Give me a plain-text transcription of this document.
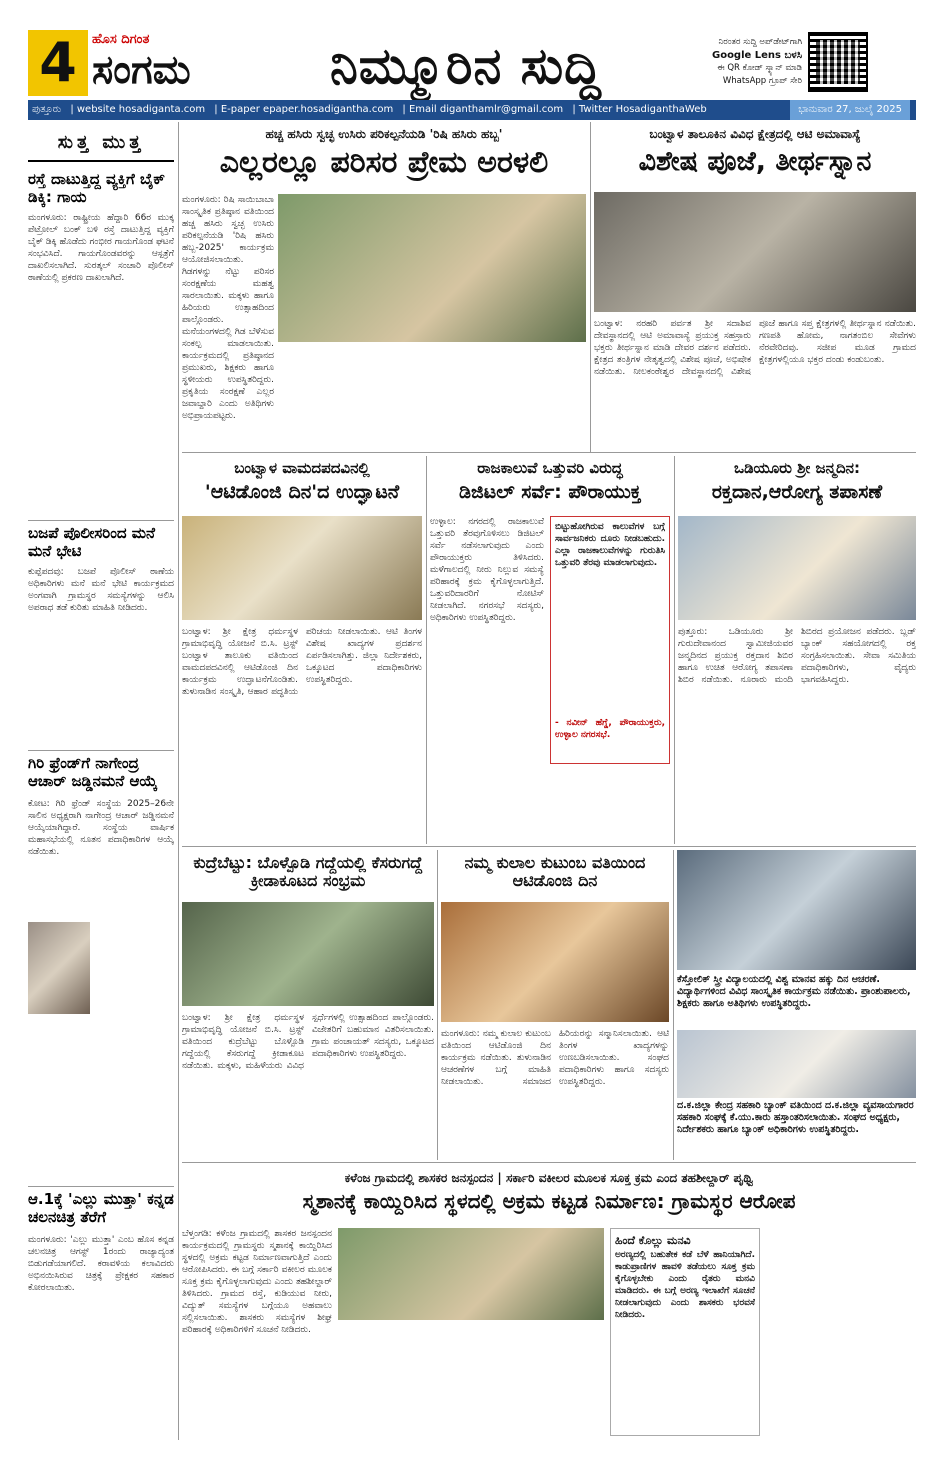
4	ಹೊಸ ದಿಗಂತ
ಸಂಗಮ	ನಿಮ್ಮೂರಿನ ಸುದ್ದಿ	ನಿರಂತರ ಸುದ್ದಿ ಅಪ್‌ಡೇಟ್‌ಗಾಗಿ
Google Lens ಬಳಸಿ
ಈ QR ಕೋಡ್ ಸ್ಕ್ಯಾನ್ ಮಾಡಿ
WhatsApp ಗ್ರೂಪ್ ಸೇರಿ
ಪುತ್ತೂರು | website hosadiganta.com | E-paper epaper.hosadigantha.com | Email diganthamlr@gmail.com | Twitter HosadiganthaWeb	ಭಾನುವಾರ 27, ಜುಲೈ 2025
ಸುತ್ತ ಮುತ್ತ
ರಸ್ತೆ ದಾಟುತ್ತಿದ್ದ ವ್ಯಕ್ತಿಗೆ ಬೈಕ್ ಡಿಕ್ಕಿ: ಗಾಯ
ಮಂಗಳೂರು: ರಾಷ್ಟ್ರೀಯ ಹೆದ್ದಾರಿ 66ರ ಮುಕ್ಕ ಪೆಟ್ರೋಲ್ ಬಂಕ್ ಬಳಿ ರಸ್ತೆ ದಾಟುತ್ತಿದ್ದ ವ್ಯಕ್ತಿಗೆ ಬೈಕ್ ಡಿಕ್ಕಿ ಹೊಡೆದು ಗಂಭೀರ ಗಾಯಗೊಂಡ ಘಟನೆ ಸಂಭವಿಸಿದೆ. ಗಾಯಗೊಂಡವರನ್ನು ಆಸ್ಪತ್ರೆಗೆ ದಾಖಲಿಸಲಾಗಿದೆ. ಸುರತ್ಕಲ್ ಸಂಚಾರಿ ಪೊಲೀಸ್ ಠಾಣೆಯಲ್ಲಿ ಪ್ರಕರಣ ದಾಖಲಾಗಿದೆ.
ಬಜಪೆ ಪೊಲೀಸರಿಂದ ಮನೆ ಮನೆ ಭೇಟಿ
ಕುಪ್ಪೆಪದವು: ಬಜಪೆ ಪೊಲೀಸ್ ಠಾಣೆಯ ಅಧಿಕಾರಿಗಳು ಮನೆ ಮನೆ ಭೇಟಿ ಕಾರ್ಯಕ್ರಮದ ಅಂಗವಾಗಿ ಗ್ರಾಮಸ್ಥರ ಸಮಸ್ಯೆಗಳನ್ನು ಆಲಿಸಿ ಅಪರಾಧ ತಡೆ ಕುರಿತು ಮಾಹಿತಿ ನೀಡಿದರು.
ಗಿರಿ ಫ್ರೆಂಡ್‌ಗೆ ನಾಗೇಂದ್ರ ಆಚಾರ್ ಜಡ್ಡಿನಮನೆ ಆಯ್ಕೆ
ಕೋಟ: ಗಿರಿ ಫ್ರೆಂಡ್ ಸಂಸ್ಥೆಯ 2025–26ನೇ ಸಾಲಿನ ಅಧ್ಯಕ್ಷರಾಗಿ ನಾಗೇಂದ್ರ ಆಚಾರ್ ಜಡ್ಡಿನಮನೆ ಆಯ್ಕೆಯಾಗಿದ್ದಾರೆ. ಸಂಸ್ಥೆಯ ವಾರ್ಷಿಕ ಮಹಾಸಭೆಯಲ್ಲಿ ನೂತನ ಪದಾಧಿಕಾರಿಗಳ ಆಯ್ಕೆ ನಡೆಯಿತು.
ಆ.1ಕ್ಕೆ 'ಎಲ್ಲು ಮುತ್ತಾ' ಕನ್ನಡ ಚಲನಚಿತ್ರ ತೆರೆಗೆ
ಮಂಗಳೂರು: 'ಎಲ್ಲು ಮುತ್ತಾ' ಎಂಬ ಹೊಸ ಕನ್ನಡ ಚಲನಚಿತ್ರ ಆಗಸ್ಟ್ 1ರಂದು ರಾಜ್ಯಾದ್ಯಂತ ಬಿಡುಗಡೆಯಾಗಲಿದೆ. ಕರಾವಳಿಯ ಕಲಾವಿದರು ಅಭಿನಯಿಸಿರುವ ಚಿತ್ರಕ್ಕೆ ಪ್ರೇಕ್ಷಕರ ಸಹಕಾರ ಕೋರಲಾಯಿತು.
ಹಚ್ಚ ಹಸಿರು ಸ್ವಚ್ಛ ಉಸಿರು ಪರಿಕಲ್ಪನೆಯಡಿ 'ರಿಷಿ ಹಸಿರು ಹಬ್ಬ'
ಎಲ್ಲರಲ್ಲೂ ಪರಿಸರ ಪ್ರೇಮ ಅರಳಲಿ
ಮಂಗಳೂರು: ರಿಷಿ ಸಾಯಿಬಾಬಾ ಸಾಂಸ್ಕೃತಿಕ ಪ್ರತಿಷ್ಠಾನ ವತಿಯಿಂದ ಹಚ್ಚ ಹಸಿರು ಸ್ವಚ್ಛ ಉಸಿರು ಪರಿಕಲ್ಪನೆಯಡಿ 'ರಿಷಿ ಹಸಿರು ಹಬ್ಬ-2025' ಕಾರ್ಯಕ್ರಮ ಆಯೋಜಿಸಲಾಯಿತು. ಗಿಡಗಳನ್ನು ನೆಟ್ಟು ಪರಿಸರ ಸಂರಕ್ಷಣೆಯ ಮಹತ್ವ ಸಾರಲಾಯಿತು. ಮಕ್ಕಳು ಹಾಗೂ ಹಿರಿಯರು ಉತ್ಸಾಹದಿಂದ ಪಾಲ್ಗೊಂಡರು. ಮನೆಯಂಗಳದಲ್ಲಿ ಗಿಡ ಬೆಳೆಸುವ ಸಂಕಲ್ಪ ಮಾಡಲಾಯಿತು. ಕಾರ್ಯಕ್ರಮದಲ್ಲಿ ಪ್ರತಿಷ್ಠಾನದ ಪ್ರಮುಖರು, ಶಿಕ್ಷಕರು ಹಾಗೂ ಸ್ಥಳೀಯರು ಉಪಸ್ಥಿತರಿದ್ದರು. ಪ್ರಕೃತಿಯ ಸಂರಕ್ಷಣೆ ಎಲ್ಲರ ಜವಾಬ್ದಾರಿ ಎಂದು ಅತಿಥಿಗಳು ಅಭಿಪ್ರಾಯಪಟ್ಟರು.
ಬಂಟ್ವಾಳ ತಾಲೂಕಿನ ವಿವಿಧ ಕ್ಷೇತ್ರದಲ್ಲಿ ಆಟಿ ಅಮಾವಾಸ್ಯೆ
ವಿಶೇಷ ಪೂಜೆ, ತೀರ್ಥಸ್ನಾನ
ಬಂಟ್ವಾಳ: ನರಹರಿ ಪರ್ವತ ಶ್ರೀ ಸದಾಶಿವ ದೇವಸ್ಥಾನದಲ್ಲಿ ಆಟಿ ಅಮಾವಾಸ್ಯೆ ಪ್ರಯುಕ್ತ ಸಹಸ್ರಾರು ಭಕ್ತರು ತೀರ್ಥಸ್ನಾನ ಮಾಡಿ ದೇವರ ದರ್ಶನ ಪಡೆದರು. ಕ್ಷೇತ್ರದ ತಂತ್ರಿಗಳ ನೇತೃತ್ವದಲ್ಲಿ ವಿಶೇಷ ಪೂಜೆ, ಅಭಿಷೇಕ ನಡೆಯಿತು. ನೀಲಕಂಠೇಶ್ವರ ದೇವಸ್ಥಾನದಲ್ಲಿ ವಿಶೇಷ ಪೂಜೆ ಹಾಗೂ ಸಪ್ತ ಕ್ಷೇತ್ರಗಳಲ್ಲಿ ತೀರ್ಥಸ್ನಾನ ನಡೆಯಿತು. ಗಣಪತಿ ಹೋಮ, ನಾಗತಂಬಿಲ ಸೇವೆಗಳು ನೆರವೇರಿದವು. ಸಜೀಪ ಮೂಡ ಗ್ರಾಮದ ಕ್ಷೇತ್ರಗಳಲ್ಲಿಯೂ ಭಕ್ತರ ದಂಡು ಕಂಡುಬಂತು.
ಬಂಟ್ವಾಳ ವಾಮದಪದವಿನಲ್ಲಿ
'ಆಟಿಡೊಂಜಿ ದಿನ'ದ ಉದ್ಘಾಟನೆ
ಬಂಟ್ವಾಳ: ಶ್ರೀ ಕ್ಷೇತ್ರ ಧರ್ಮಸ್ಥಳ ಗ್ರಾಮಾಭಿವೃದ್ಧಿ ಯೋಜನೆ ಬಿ.ಸಿ. ಟ್ರಸ್ಟ್ ಬಂಟ್ವಾಳ ತಾಲೂಕು ವತಿಯಿಂದ ವಾಮದಪದವಿನಲ್ಲಿ ಆಟಿಡೊಂಜಿ ದಿನ ಕಾರ್ಯಕ್ರಮ ಉದ್ಘಾಟನೆಗೊಂಡಿತು. ತುಳುನಾಡಿನ ಸಂಸ್ಕೃತಿ, ಆಹಾರ ಪದ್ಧತಿಯ ಪರಿಚಯ ನೀಡಲಾಯಿತು. ಆಟಿ ತಿಂಗಳ ವಿಶೇಷ ಖಾದ್ಯಗಳ ಪ್ರದರ್ಶನ ಏರ್ಪಡಿಸಲಾಗಿತ್ತು. ಜಿಲ್ಲಾ ನಿರ್ದೇಶಕರು, ಒಕ್ಕೂಟದ ಪದಾಧಿಕಾರಿಗಳು ಉಪಸ್ಥಿತರಿದ್ದರು.
ರಾಜಕಾಲುವೆ ಒತ್ತುವರಿ ವಿರುದ್ಧ
ಡಿಜಿಟಲ್ ಸರ್ವೆ: ಪೌರಾಯುಕ್ತ
ಉಳ್ಳಾಲ: ನಗರದಲ್ಲಿ ರಾಜಕಾಲುವೆ ಒತ್ತುವರಿ ತೆರವುಗೊಳಿಸಲು ಡಿಜಿಟಲ್ ಸರ್ವೆ ನಡೆಸಲಾಗುವುದು ಎಂದು ಪೌರಾಯುಕ್ತರು ತಿಳಿಸಿದರು. ಮಳೆಗಾಲದಲ್ಲಿ ನೀರು ನಿಲ್ಲುವ ಸಮಸ್ಯೆ ಪರಿಹಾರಕ್ಕೆ ಕ್ರಮ ಕೈಗೊಳ್ಳಲಾಗುತ್ತಿದೆ. ಒತ್ತುವರಿದಾರರಿಗೆ ನೋಟಿಸ್ ನೀಡಲಾಗಿದೆ. ನಗರಸಭೆ ಸದಸ್ಯರು, ಅಧಿಕಾರಿಗಳು ಉಪಸ್ಥಿತರಿದ್ದರು.
ಬಿಟ್ಟುಹೋಗಿರುವ ಕಾಲುವೆಗಳ ಬಗ್ಗೆ ಸಾರ್ವಜನಿಕರು ದೂರು ನೀಡಬಹುದು. ಎಲ್ಲಾ ರಾಜಕಾಲುವೆಗಳನ್ನು ಗುರುತಿಸಿ ಒತ್ತುವರಿ ತೆರವು ಮಾಡಲಾಗುವುದು.
- ನವೀನ್ ಹೆಗ್ಡೆ, ಪೌರಾಯುಕ್ತರು, ಉಳ್ಳಾಲ ನಗರಸಭೆ.
ಒಡಿಯೂರು ಶ್ರೀ ಜನ್ಮದಿನ:
ರಕ್ತದಾನ,ಆರೋಗ್ಯ ತಪಾಸಣೆ
ಪುತ್ತೂರು: ಒಡಿಯೂರು ಶ್ರೀ ಗುರುದೇವಾನಂದ ಸ್ವಾಮೀಜಿಯವರ ಜನ್ಮದಿನದ ಪ್ರಯುಕ್ತ ರಕ್ತದಾನ ಶಿಬಿರ ಹಾಗೂ ಉಚಿತ ಆರೋಗ್ಯ ತಪಾಸಣಾ ಶಿಬಿರ ನಡೆಯಿತು. ನೂರಾರು ಮಂದಿ ಶಿಬಿರದ ಪ್ರಯೋಜನ ಪಡೆದರು. ಬ್ಲಡ್ ಬ್ಯಾಂಕ್ ಸಹಯೋಗದಲ್ಲಿ ರಕ್ತ ಸಂಗ್ರಹಿಸಲಾಯಿತು. ಸೇವಾ ಸಮಿತಿಯ ಪದಾಧಿಕಾರಿಗಳು, ವೈದ್ಯರು ಭಾಗವಹಿಸಿದ್ದರು.
ಕುದ್ರೆಬೆಟ್ಟು: ಬೊಳ್ಪೊಡಿ ಗದ್ದೆಯಲ್ಲಿ ಕೆಸರುಗದ್ದೆ ಕ್ರೀಡಾಕೂಟದ ಸಂಭ್ರಮ
ಬಂಟ್ವಾಳ: ಶ್ರೀ ಕ್ಷೇತ್ರ ಧರ್ಮಸ್ಥಳ ಗ್ರಾಮಾಭಿವೃದ್ಧಿ ಯೋಜನೆ ಬಿ.ಸಿ. ಟ್ರಸ್ಟ್ ವತಿಯಿಂದ ಕುದ್ರೆಬೆಟ್ಟು ಬೊಳ್ಪೊಡಿ ಗದ್ದೆಯಲ್ಲಿ ಕೆಸರುಗದ್ದೆ ಕ್ರೀಡಾಕೂಟ ನಡೆಯಿತು. ಮಕ್ಕಳು, ಮಹಿಳೆಯರು ವಿವಿಧ ಸ್ಪರ್ಧೆಗಳಲ್ಲಿ ಉತ್ಸಾಹದಿಂದ ಪಾಲ್ಗೊಂಡರು. ವಿಜೇತರಿಗೆ ಬಹುಮಾನ ವಿತರಿಸಲಾಯಿತು. ಗ್ರಾಮ ಪಂಚಾಯತ್ ಸದಸ್ಯರು, ಒಕ್ಕೂಟದ ಪದಾಧಿಕಾರಿಗಳು ಉಪಸ್ಥಿತರಿದ್ದರು.
ನಮ್ಮ ಕುಲಾಲ ಕುಟುಂಬ ವತಿಯಿಂದ ಆಟಿಡೊಂಜಿ ದಿನ
ಮಂಗಳೂರು: ನಮ್ಮ ಕುಲಾಲ ಕುಟುಂಬ ವತಿಯಿಂದ ಆಟಿಡೊಂಜಿ ದಿನ ಕಾರ್ಯಕ್ರಮ ನಡೆಯಿತು. ತುಳುನಾಡಿನ ಆಚರಣೆಗಳ ಬಗ್ಗೆ ಮಾಹಿತಿ ನೀಡಲಾಯಿತು. ಸಮಾಜದ ಹಿರಿಯರನ್ನು ಸನ್ಮಾನಿಸಲಾಯಿತು. ಆಟಿ ತಿಂಗಳ ಖಾದ್ಯಗಳನ್ನು ಉಣಬಡಿಸಲಾಯಿತು. ಸಂಘದ ಪದಾಧಿಕಾರಿಗಳು ಹಾಗೂ ಸದಸ್ಯರು ಉಪಸ್ಥಿತರಿದ್ದರು.
ಕೆಸ್ತೋಲಿಕ್ ಸ್ತ್ರೀ ವಿದ್ಯಾಲಯದಲ್ಲಿ ವಿಶ್ವ ಮಾನವ ಹಕ್ಕು ದಿನ ಆಚರಣೆ. ವಿದ್ಯಾರ್ಥಿಗಳಿಂದ ವಿವಿಧ ಸಾಂಸ್ಕೃತಿಕ ಕಾರ್ಯಕ್ರಮ ನಡೆಯಿತು. ಪ್ರಾಂಶುಪಾಲರು, ಶಿಕ್ಷಕರು ಹಾಗೂ ಅತಿಥಿಗಳು ಉಪಸ್ಥಿತರಿದ್ದರು.
ದ.ಕ.ಜಿಲ್ಲಾ ಕೇಂದ್ರ ಸಹಕಾರಿ ಬ್ಯಾಂಕ್ ವತಿಯಿಂದ ದ.ಕ.ಜಿಲ್ಲಾ ವ್ಯವಸಾಯಗಾರರ ಸಹಕಾರಿ ಸಂಘಕ್ಕೆ ಕೆ.ಯು.ಕಾರು ಹಸ್ತಾಂತರಿಸಲಾಯಿತು. ಸಂಘದ ಅಧ್ಯಕ್ಷರು, ನಿರ್ದೇಶಕರು ಹಾಗೂ ಬ್ಯಾಂಕ್ ಅಧಿಕಾರಿಗಳು ಉಪಸ್ಥಿತರಿದ್ದರು.
ಕಳೆಂಜ ಗ್ರಾಮದಲ್ಲಿ ಶಾಸಕರ ಜನಸ್ಪಂದನ | ಸರ್ಕಾರಿ ವಕೀಲರ ಮೂಲಕ ಸೂಕ್ತ ಕ್ರಮ ಎಂದ ತಹಶೀಲ್ದಾರ್ ಪೃಥ್ವಿ
ಸ್ಮಶಾನಕ್ಕೆ ಕಾಯ್ದಿರಿಸಿದ ಸ್ಥಳದಲ್ಲಿ ಅಕ್ರಮ ಕಟ್ಟಡ ನಿರ್ಮಾಣ: ಗ್ರಾಮಸ್ಥರ ಆರೋಪ
ಬೆಳ್ತಂಗಡಿ: ಕಳೆಂಜ ಗ್ರಾಮದಲ್ಲಿ ಶಾಸಕರ ಜನಸ್ಪಂದನ ಕಾರ್ಯಕ್ರಮದಲ್ಲಿ ಗ್ರಾಮಸ್ಥರು ಸ್ಮಶಾನಕ್ಕೆ ಕಾಯ್ದಿರಿಸಿದ ಸ್ಥಳದಲ್ಲಿ ಅಕ್ರಮ ಕಟ್ಟಡ ನಿರ್ಮಾಣವಾಗುತ್ತಿದೆ ಎಂದು ಆರೋಪಿಸಿದರು. ಈ ಬಗ್ಗೆ ಸರ್ಕಾರಿ ವಕೀಲರ ಮೂಲಕ ಸೂಕ್ತ ಕ್ರಮ ಕೈಗೊಳ್ಳಲಾಗುವುದು ಎಂದು ತಹಶೀಲ್ದಾರ್ ತಿಳಿಸಿದರು. ಗ್ರಾಮದ ರಸ್ತೆ, ಕುಡಿಯುವ ನೀರು, ವಿದ್ಯುತ್ ಸಮಸ್ಯೆಗಳ ಬಗ್ಗೆಯೂ ಅಹವಾಲು ಸಲ್ಲಿಸಲಾಯಿತು. ಶಾಸಕರು ಸಮಸ್ಯೆಗಳ ಶೀಘ್ರ ಪರಿಹಾರಕ್ಕೆ ಅಧಿಕಾರಿಗಳಿಗೆ ಸೂಚನೆ ನೀಡಿದರು.
ಹಿಂದೆ ಕೊಲ್ಲು ಮನವಿ
ಅರಣ್ಯದಲ್ಲಿ ಬಹುತೇಕ ಕಡೆ ಬೆಳೆ ಹಾನಿಯಾಗಿದೆ. ಕಾಡುಪ್ರಾಣಿಗಳ ಹಾವಳಿ ತಡೆಯಲು ಸೂಕ್ತ ಕ್ರಮ ಕೈಗೊಳ್ಳಬೇಕು ಎಂದು ರೈತರು ಮನವಿ ಮಾಡಿದರು. ಈ ಬಗ್ಗೆ ಅರಣ್ಯ ಇಲಾಖೆಗೆ ಸೂಚನೆ ನೀಡಲಾಗುವುದು ಎಂದು ಶಾಸಕರು ಭರವಸೆ ನೀಡಿದರು.
